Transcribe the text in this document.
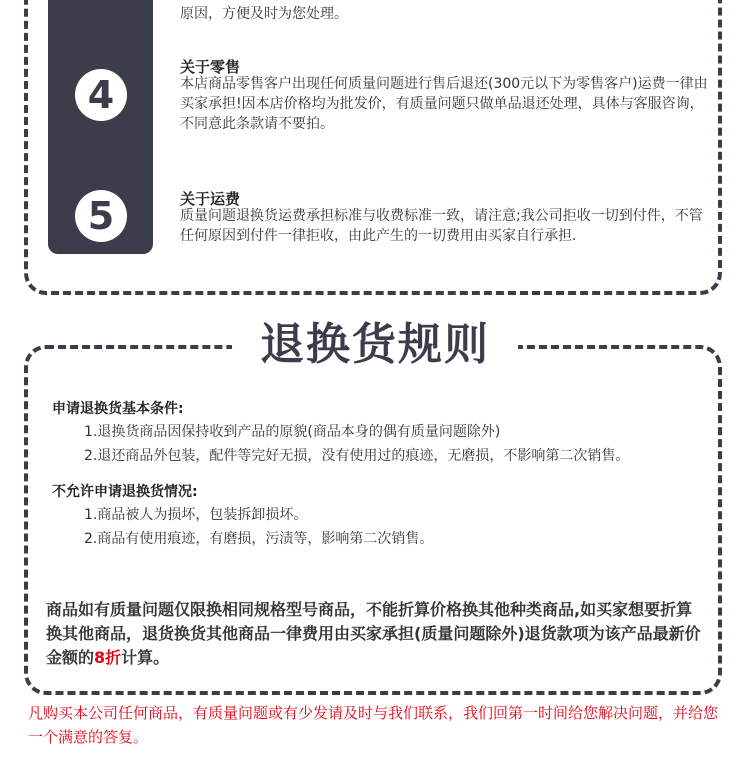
原因，方便及时为您处理。
4
关于零售
本店商品零售客户出现任何质量问题进行售后退还(300元以下为零售客户)运费一律由买家承担!因本店价格均为批发价，有质量问题只做单品退还处理，具体与客服咨询，不同意此条款请不要拍。
5	关于运费
质量问题退换货运费承担标准与收费标准一致，请注意;我公司拒收一切到付件，不管任何原因到付件一律拒收，由此产生的一切费用由买家自行承担.
退换货规则
申请退换货基本条件:
1.退换货商品因保持收到产品的原貌(商品本身的偶有质量问题除外)
2.退还商品外包装，配件等完好无损，没有使用过的痕迹，无磨损，不影响第二次销售。
不允许申请退换货情况:
1.商品被人为损坏，包装拆卸损坏。
2.商品有使用痕迹，有磨损，污渍等，影响第二次销售。
商品如有质量问题仅限换相同规格型号商品，不能折算价格换其他种类商品,如买家想要折算换其他商品，退货换货其他商品一律费用由买家承担(质量问题除外)退货款项为该产品最新价金额的8折计算。
凡购买本公司任何商品，有质量问题或有少发请及时与我们联系，我们回第一时间给您解决问题，并给您一个满意的答复。
